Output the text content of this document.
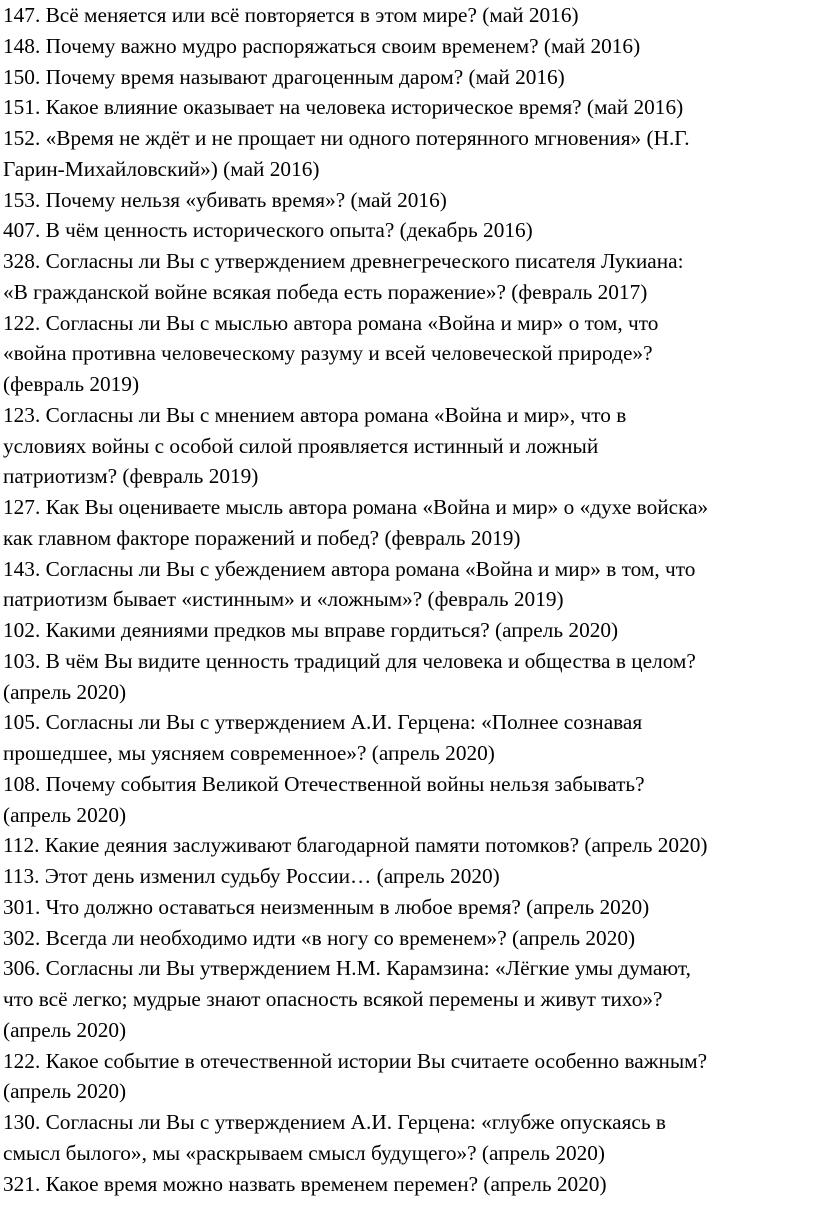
147. Всё меняется или всё повторяется в этом мире? (май 2016)

148. Почему важно мудро распоряжаться своим временем? (май 2016)

150. Почему время называют драгоценным даром? (май 2016)

151. Какое влияние оказывает на человека историческое время? (май 2016)

152. «Время не ждёт и не прощает ни одного потерянного мгновения» (Н.Г.
Гарин-Михайловский») (май 2016)

153. Почему нельзя «убивать время»? (май 2016)

407. В чём ценность исторического опыта? (декабрь 2016)

328. Согласны ли Вы с утверждением древнегреческого писателя Лукиана:
«В гражданской войне всякая победа есть поражение»? (февраль 2017)

122. Согласны ли Вы с мыслью автора романа «Война и мир» о том, что
«война противна человеческому разуму и всей человеческой природе»?
(февраль 2019)

123. Согласны ли Вы с мнением автора романа «Война и мир», что в
условиях войны с особой силой проявляется истинный и ложный
патриотизм? (февраль 2019)

127. Как Вы оцениваете мысль автора романа «Война и мир» о «духе войска»
как главном факторе поражений и побед? (февраль 2019)

143. Согласны ли Вы с убеждением автора романа «Война и мир» в том, что
патриотизм бывает «истинным» и «ложным»? (февраль 2019)

102. Какими деяниями предков мы вправе гордиться? (апрель 2020)

103. В чём Вы видите ценность традиций для человека и общества в целом?
(апрель 2020)

105. Согласны ли Вы с утверждением А.И. Герцена: «Полнее сознавая
прошедшее, мы уясняем современное»? (апрель 2020)

108. Почему события Великой Отечественной войны нельзя забывать?
(апрель 2020)

112. Какие деяния заслуживают благодарной памяти потомков? (апрель 2020)

113. Этот день изменил судьбу России… (апрель 2020)

301. Что должно оставаться неизменным в любое время? (апрель 2020)

302. Всегда ли необходимо идти «в ногу со временем»? (апрель 2020)

306. Согласны ли Вы утверждением Н.М. Карамзина: «Лёгкие умы думают,
что всё легко; мудрые знают опасность всякой перемены и живут тихо»?
(апрель 2020)

122. Какое событие в отечественной истории Вы считаете особенно важным?
(апрель 2020)

130. Согласны ли Вы с утверждением А.И. Герцена: «глубже опускаясь в
смысл былого», мы «раскрываем смысл будущего»? (апрель 2020)

321. Какое время можно назвать временем перемен? (апрель 2020)
